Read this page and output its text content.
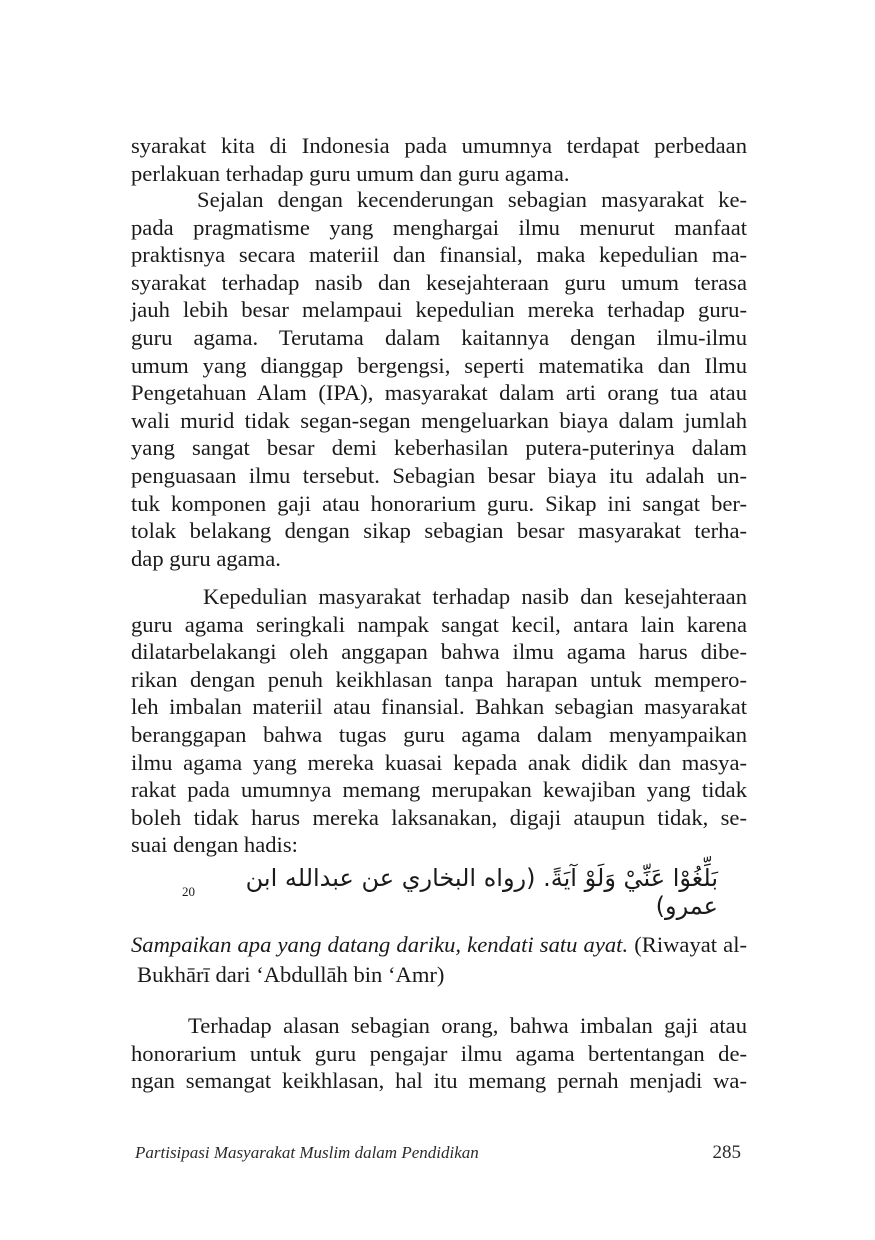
syarakat kita di Indonesia pada umumnya terdapat perbedaan
perlakuan terhadap guru umum dan guru agama.
Sejalan dengan kecenderungan sebagian masyarakat ke-
pada pragmatisme yang menghargai ilmu menurut manfaat
praktisnya secara materiil dan finansial, maka kepedulian ma-
syarakat terhadap nasib dan kesejahteraan guru umum terasa
jauh lebih besar melampaui kepedulian mereka terhadap guru-
guru agama. Terutama dalam kaitannya dengan ilmu-ilmu
umum yang dianggap bergengsi, seperti matematika dan Ilmu
Pengetahuan Alam (IPA), masyarakat dalam arti orang tua atau
wali murid tidak segan-segan mengeluarkan biaya dalam jumlah
yang sangat besar demi keberhasilan putera-puterinya dalam
penguasaan ilmu tersebut. Sebagian besar biaya itu adalah un-
tuk komponen gaji atau honorarium guru. Sikap ini sangat ber-
tolak belakang dengan sikap sebagian besar masyarakat terha-
dap guru agama.
Kepedulian masyarakat terhadap nasib dan kesejahteraan
guru agama seringkali nampak sangat kecil, antara lain karena
dilatarbelakangi oleh anggapan bahwa ilmu agama harus dibe-
rikan dengan penuh keikhlasan tanpa harapan untuk mempero-
leh imbalan materiil atau finansial. Bahkan sebagian masyarakat
beranggapan bahwa tugas guru agama dalam menyampaikan
ilmu agama yang mereka kuasai kepada anak didik dan masya-
rakat pada umumnya memang merupakan kewajiban yang tidak
boleh tidak harus mereka laksanakan, digaji ataupun tidak, se-
suai dengan hadis:
بَلِّغُوْا عَنِّيْ وَلَوْ آيَةً. (رواه البخاري عن عبدالله ابن عمرو)
20
Sampaikan apa yang datang dariku, kendati satu ayat. (Riwayat al-
Bukhārī dari ‘Abdullāh bin ‘Amr)
Terhadap alasan sebagian orang, bahwa imbalan gaji atau
honorarium untuk guru pengajar ilmu agama bertentangan de-
ngan semangat keikhlasan, hal itu memang pernah menjadi wa-
Partisipasi Masyarakat Muslim dalam Pendidikan	285
